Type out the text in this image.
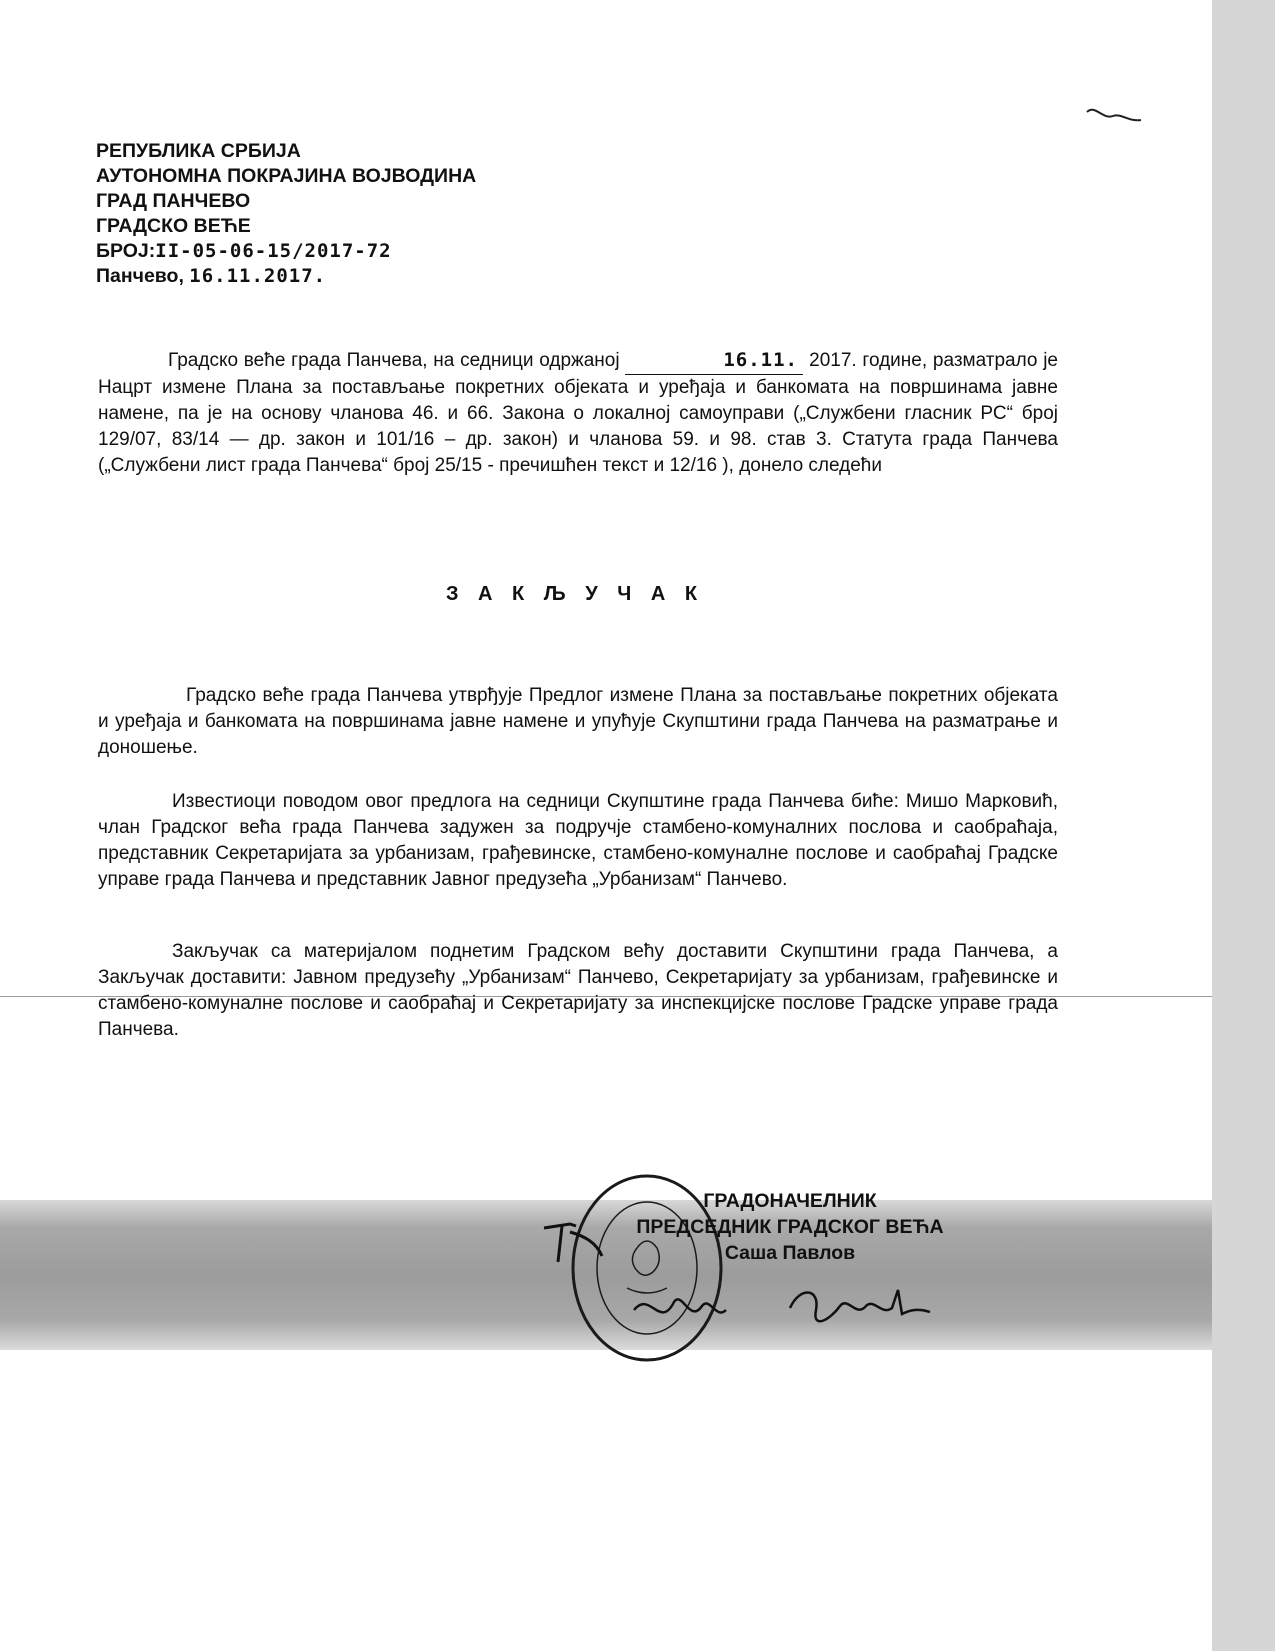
РЕПУБЛИКА СРБИЈА
АУТОНОМНА ПОКРАЈИНА ВОЈВОДИНА
ГРАД ПАНЧЕВО
ГРАДСКО ВЕЋЕ
БРОЈ:II-05-06-15/2017-72
Панчево, 16.11.2017.
Градско веће града Панчева, на седници одржаној	16.11. 2017. године, разматрало је Нацрт измене Плана за постављање покретних објеката и уређаја и банкомата на површинама јавне намене, па је на основу чланова 46. и 66. Закона о локалној самоуправи („Службени гласник РС“ број 129/07, 83/14 — др. закон и 101/16 – др. закон) и чланова 59. и 98. став 3. Статута града Панчева („Службени лист града Панчева“ број 25/15 - пречишћен текст и 12/16 ), донело следећи
З А К Љ У Ч А К
Градско веће града Панчева утврђује Предлог измене Плана за постављање покретних објеката и уређаја и банкомата на површинама јавне намене и упућује Скупштини града Панчева на разматрање и доношење.
Известиоци поводом овог предлога на седници Скупштине града Панчева биће: Мишо Марковић, члан Градског већа града Панчева задужен за подручје стамбено-комуналних послова и саобраћаја, представник Секретаријата за урбанизам, грађевинске, стамбено-комуналне послове и саобраћај Градске управе града Панчева и представник Јавног предузећа „Урбанизам“ Панчево.
Закључак са материјалом поднетим Градском већу доставити Скупштини града Панчева, а Закључак доставити: Јавном предузећу „Урбанизам“ Панчево, Секретаријату за урбанизам, грађевинске и стамбено-комуналне послове и саобраћај и Секретаријату за инспекцијске послове Градске управе града Панчева.
ГРАДОНАЧЕЛНИК
ПРЕДСЕДНИК ГРАДСКОГ ВЕЋА
Саша Павлов
